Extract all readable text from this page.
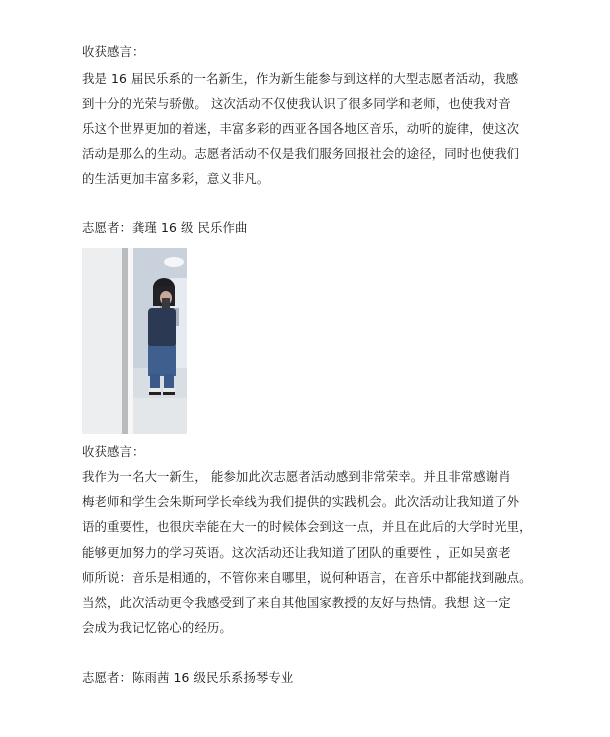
收获感言：
我是 16 届民乐系的一名新生，作为新生能参与到这样的大型志愿者活动，我感
到十分的光荣与骄傲。 这次活动不仅使我认识了很多同学和老师，也使我对音
乐这个世界更加的着迷，丰富多彩的西亚各国各地区音乐，动听的旋律，使这次
活动是那么的生动。志愿者活动不仅是我们服务回报社会的途径，同时也使我们
的生活更加丰富多彩，意义非凡。
志愿者：龚瑾 16 级 民乐作曲
收获感言：
我作为一名大一新生， 能参加此次志愿者活动感到非常荣幸。并且非常感谢肖
梅老师和学生会朱斯珂学长牵线为我们提供的实践机会。此次活动让我知道了外
语的重要性，也很庆幸能在大一的时候体会到这一点，并且在此后的大学时光里，
能够更加努力的学习英语。这次活动还让我知道了团队的重要性 ，正如吴蛮老
师所说：音乐是相通的，不管你来自哪里，说何种语言，在音乐中都能找到融点。
当然，此次活动更令我感受到了来自其他国家教授的友好与热情。我想 这一定
会成为我记忆铭心的经历。
志愿者：陈雨茜 16 级民乐系扬琴专业
